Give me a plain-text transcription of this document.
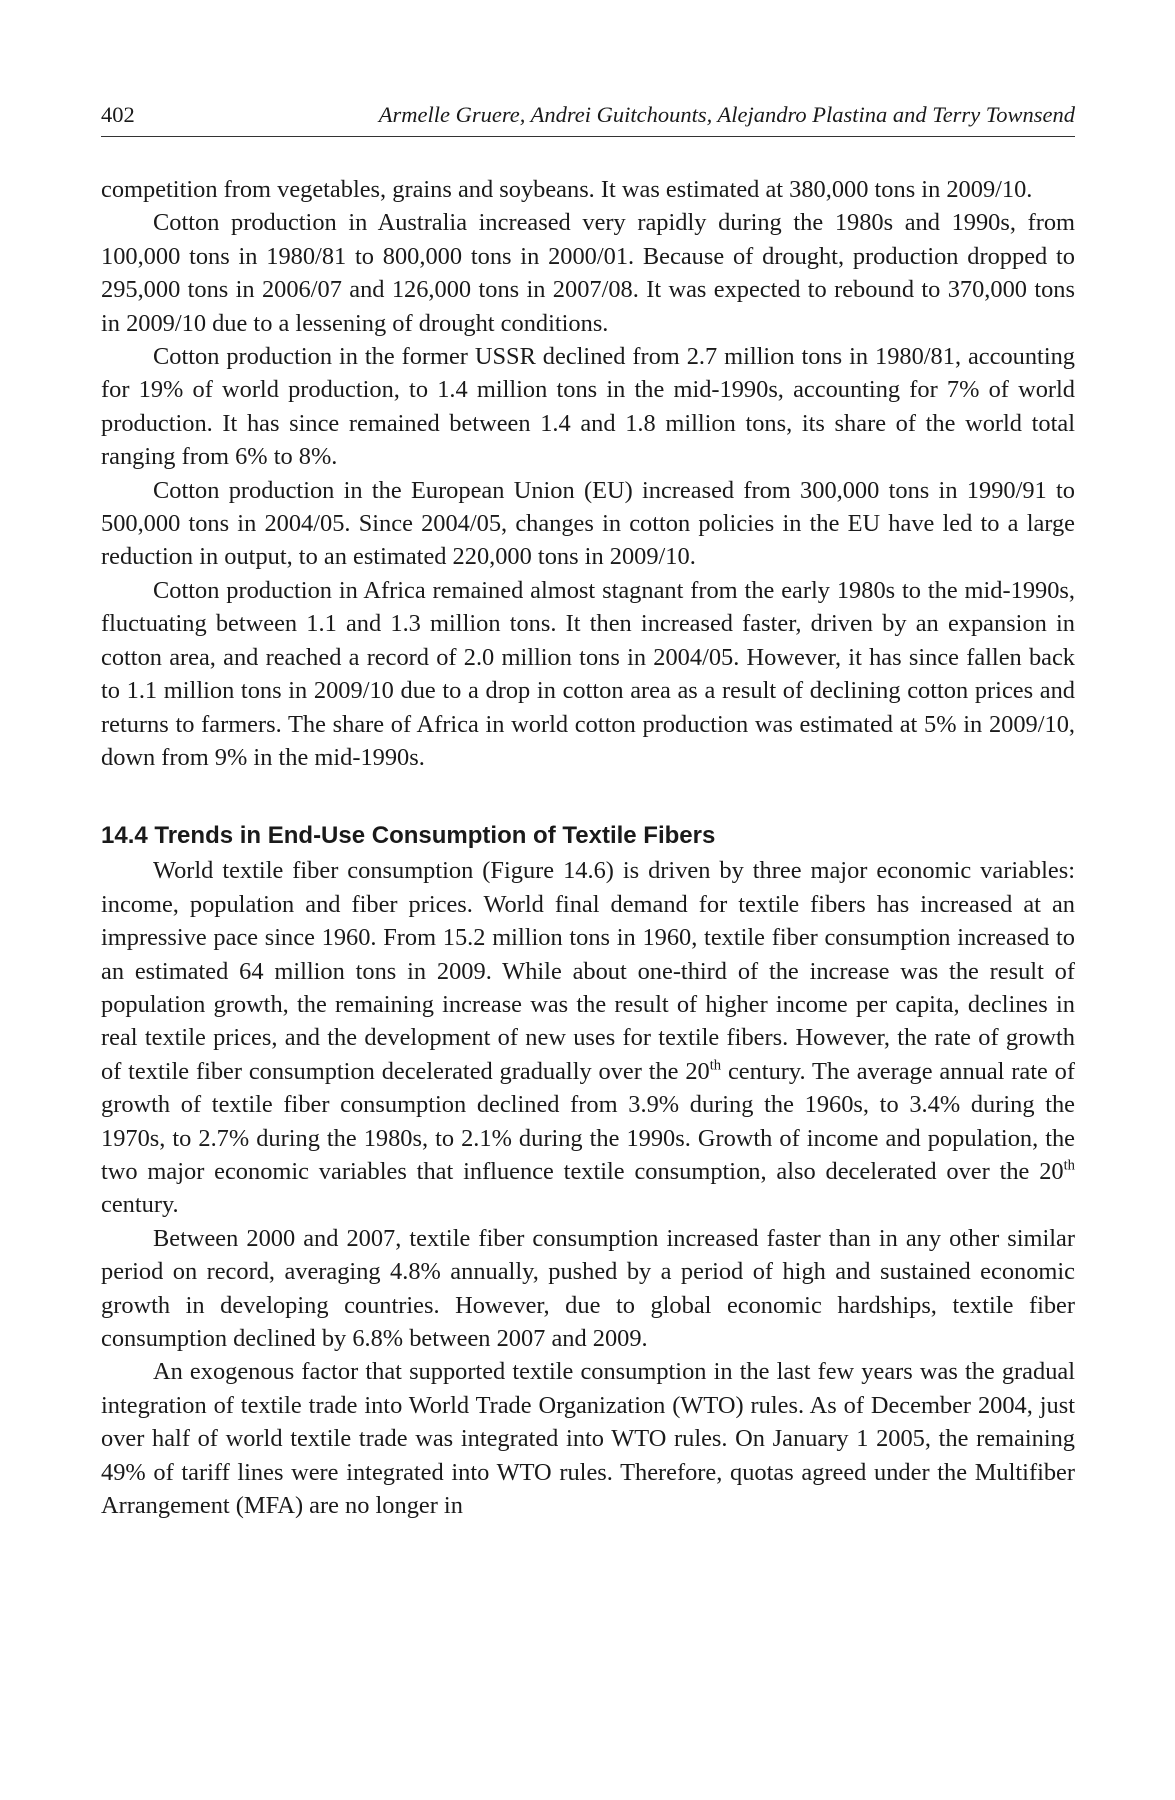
402	Armelle Gruere, Andrei Guitchounts, Alejandro Plastina and Terry Townsend

competition from vegetables, grains and soybeans. It was estimated at 380,000 tons in 2009/10.

Cotton production in Australia increased very rapidly during the 1980s and 1990s, from 100,000 tons in 1980/81 to 800,000 tons in 2000/01. Because of drought, production dropped to 295,000 tons in 2006/07 and 126,000 tons in 2007/08. It was expected to rebound to 370,000 tons in 2009/10 due to a lessening of drought conditions.

Cotton production in the former USSR declined from 2.7 million tons in 1980/81, accounting for 19% of world production, to 1.4 million tons in the mid-1990s, accounting for 7% of world production. It has since remained between 1.4 and 1.8 million tons, its share of the world total ranging from 6% to 8%.

Cotton production in the European Union (EU) increased from 300,000 tons in 1990/91 to 500,000 tons in 2004/05. Since 2004/05, changes in cotton policies in the EU have led to a large reduction in output, to an estimated 220,000 tons in 2009/10.

Cotton production in Africa remained almost stagnant from the early 1980s to the mid-1990s, fluctuating between 1.1 and 1.3 million tons. It then increased faster, driven by an expansion in cotton area, and reached a record of 2.0 million tons in 2004/05. However, it has since fallen back to 1.1 million tons in 2009/10 due to a drop in cotton area as a result of declining cotton prices and returns to farmers. The share of Africa in world cotton production was estimated at 5% in 2009/10, down from 9% in the mid-1990s.

14.4 Trends in End-Use Consumption of Textile Fibers

World textile fiber consumption (Figure 14.6) is driven by three major economic variables: income, population and fiber prices. World final demand for textile fibers has increased at an impressive pace since 1960. From 15.2 million tons in 1960, textile fiber consumption increased to an estimated 64 million tons in 2009. While about one-third of the increase was the result of population growth, the remaining increase was the result of higher income per capita, declines in real textile prices, and the development of new uses for textile fibers. However, the rate of growth of textile fiber consumption decelerated gradually over the 20th century. The average annual rate of growth of textile fiber consumption declined from 3.9% during the 1960s, to 3.4% during the 1970s, to 2.7% during the 1980s, to 2.1% during the 1990s. Growth of income and population, the two major economic variables that influence textile consumption, also decelerated over the 20th century.

Between 2000 and 2007, textile fiber consumption increased faster than in any other similar period on record, averaging 4.8% annually, pushed by a period of high and sustained economic growth in developing countries. However, due to global economic hardships, textile fiber consumption declined by 6.8% between 2007 and 2009.

An exogenous factor that supported textile consumption in the last few years was the gradual integration of textile trade into World Trade Organization (WTO) rules. As of December 2004, just over half of world textile trade was integrated into WTO rules. On January 1 2005, the remaining 49% of tariff lines were integrated into WTO rules. Therefore, quotas agreed under the Multifiber Arrangement (MFA) are no longer in
